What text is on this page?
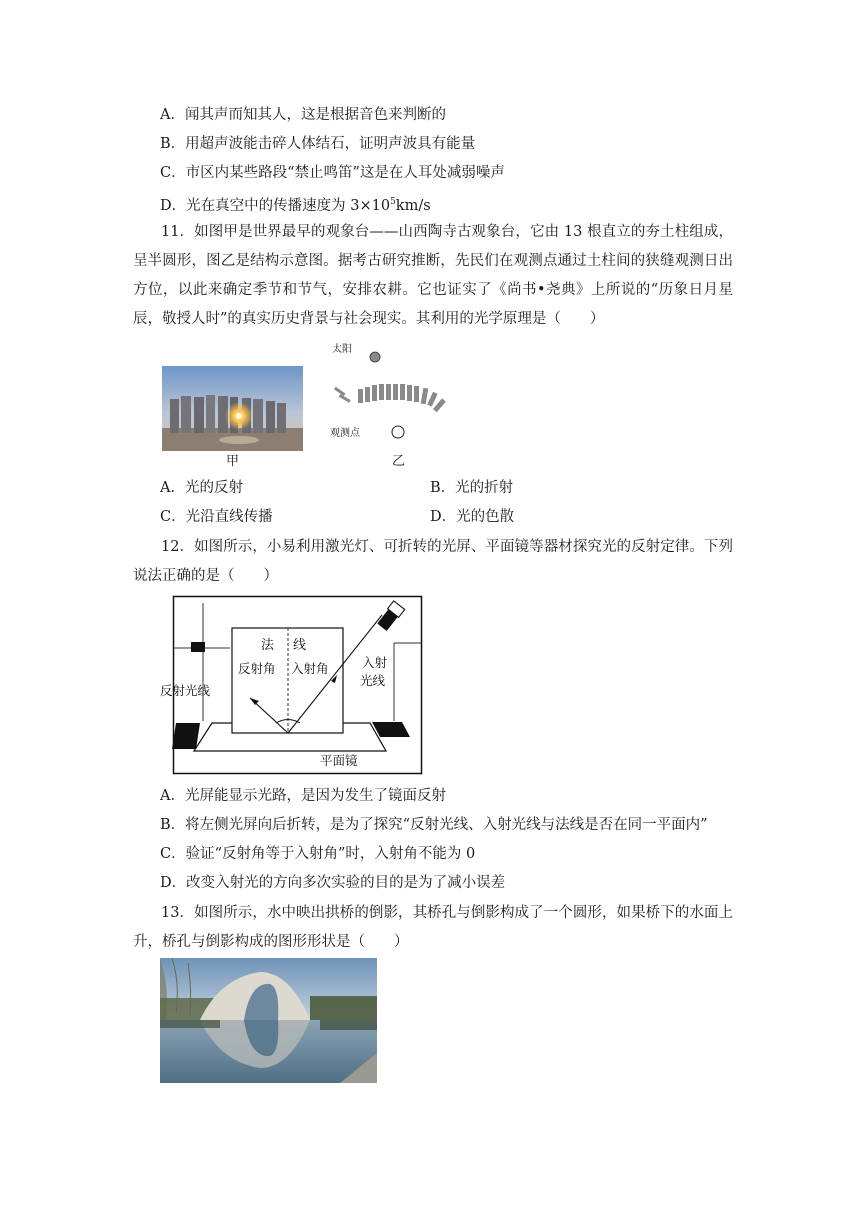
A．闻其声而知其人，这是根据音色来判断的
B．用超声波能击碎人体结石，证明声波具有能量
C．市区内某些路段“禁止鸣笛”这是在人耳处减弱噪声
D．光在真空中的传播速度为 $3\times 10^5km/s$
11．如图甲是世界最早的观象台——山西陶寺古观象台，它由 13 根直立的夯土柱组成，呈半圆形，图乙是结构示意图。据考古研究推断，先民们在观测点通过土柱间的狭缝观测日出方位，以此来确定季节和节气，安排农耕。它也证实了《尚书•尧典》上所说的“历象日月星辰，敬授人时”的真实历史背景与社会现实。其利用的光学原理是（　　）
甲
太阳
观测点
乙
A．光的反射	B．光的折射
C．光沿直线传播	D．光的色散
12．如图所示，小易利用激光灯、可折转的光屏、平面镜等器材探究光的反射定律。下列说法正确的是（　　）
法 线
反射角 入射角	入射
光线
反射光线
平面镜
A．光屏能显示光路，是因为发生了镜面反射
B．将左侧光屏向后折转，是为了探究“反射光线、入射光线与法线是否在同一平面内”
C．验证“反射角等于入射角”时，入射角不能为 0
D．改变入射光的方向多次实验的目的是为了减小误差
13．如图所示，水中映出拱桥的倒影，其桥孔与倒影构成了一个圆形，如果桥下的水面上升，桥孔与倒影构成的图形形状是（　　）
